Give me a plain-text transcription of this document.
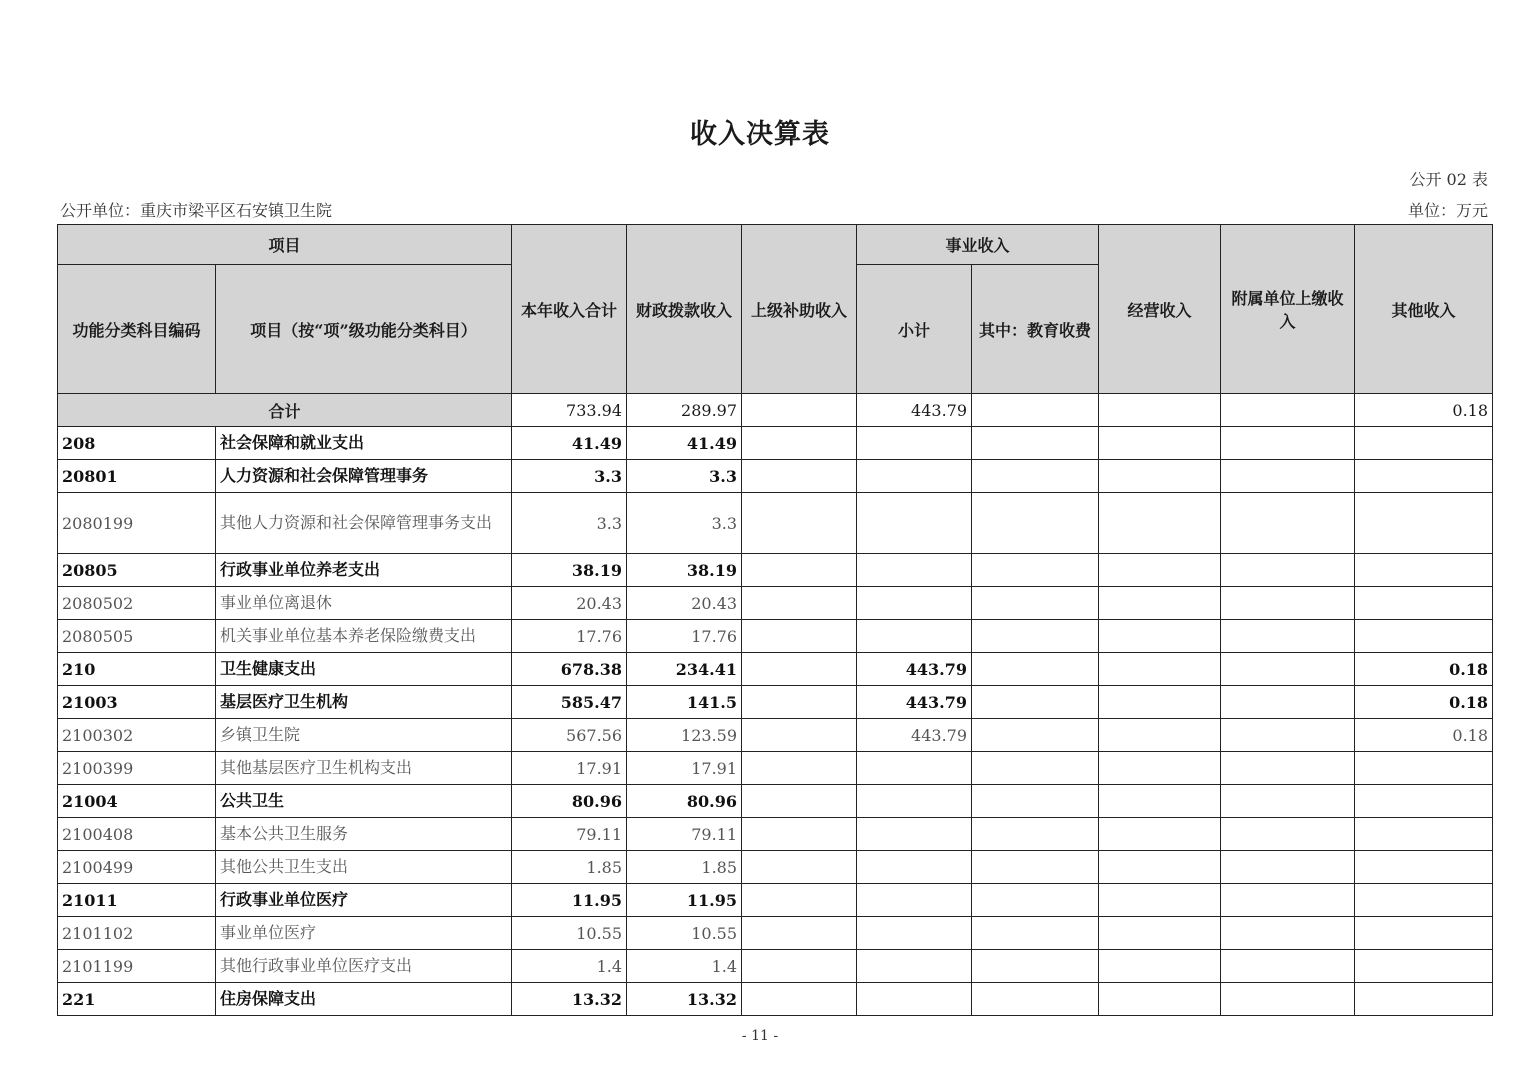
收入决算表
公开 02 表
公开单位：重庆市梁平区石安镇卫生院	单位：万元
项目		本年收入合计	财政拨款收入	上级补助收入	事业收入		经营收入	附属单位上缴收入	其他收入
功能分类科目编码	项目（按“项”级功能分类科目）				小计	其中：教育收费			
合计		733.94	289.97		443.79				0.18
208	社会保障和就业支出	41.49	41.49						
20801	人力资源和社会保障管理事务	3.3	3.3						
2080199	其他人力资源和社会保障管理事务支出	3.3	3.3						
20805	行政事业单位养老支出	38.19	38.19						
2080502	事业单位离退休	20.43	20.43						
2080505	机关事业单位基本养老保险缴费支出	17.76	17.76						
210	卫生健康支出	678.38	234.41		443.79				0.18
21003	基层医疗卫生机构	585.47	141.5		443.79				0.18
2100302	乡镇卫生院	567.56	123.59		443.79				0.18
2100399	其他基层医疗卫生机构支出	17.91	17.91						
21004	公共卫生	80.96	80.96						
2100408	基本公共卫生服务	79.11	79.11						
2100499	其他公共卫生支出	1.85	1.85						
21011	行政事业单位医疗	11.95	11.95						
2101102	事业单位医疗	10.55	10.55						
2101199	其他行政事业单位医疗支出	1.4	1.4						
221	住房保障支出	13.32	13.32						
- 11 -
